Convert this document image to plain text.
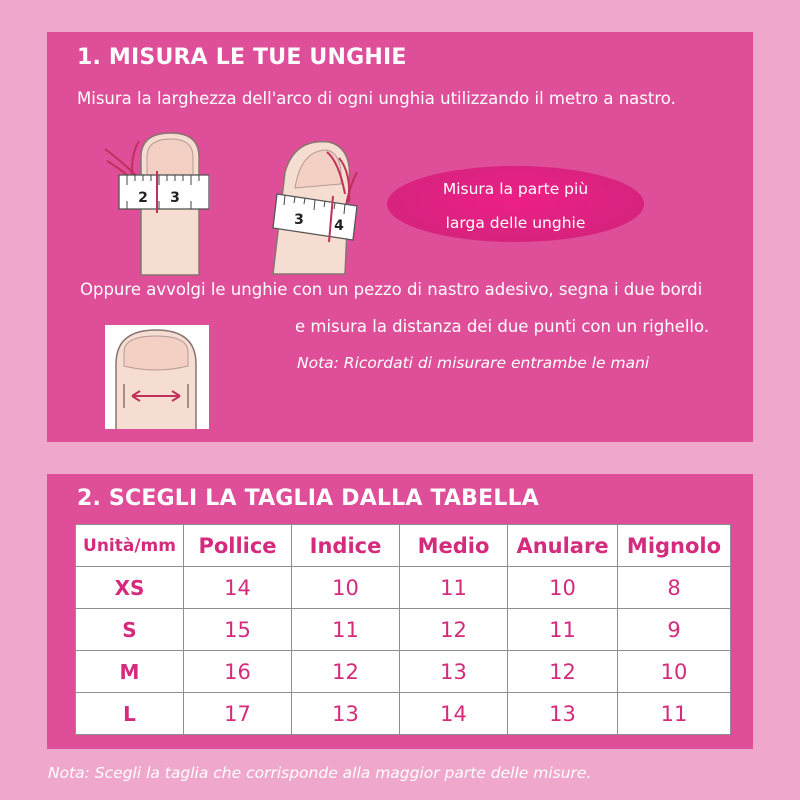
1. MISURA LE TUE UNGHIE
Misura la larghezza dell'arco di ogni unghia utilizzando il metro a nastro.
2 3
3 4
Misura la parte più
larga delle unghie
Oppure avvolgi le unghie con un pezzo di nastro adesivo, segna i due bordi
e misura la distanza dei due punti con un righello.
Nota: Ricordati di misurare entrambe le mani
2. SCEGLI LA TAGLIA DALLA TABELLA
Unità/mm	Pollice	Indice	Medio	Anulare	Mignolo
XS	14	10	11	10	8
S	15	11	12	11	9
M	16	12	13	12	10
L	17	13	14	13	11
Nota: Scegli la taglia che corrisponde alla maggior parte delle misure.
